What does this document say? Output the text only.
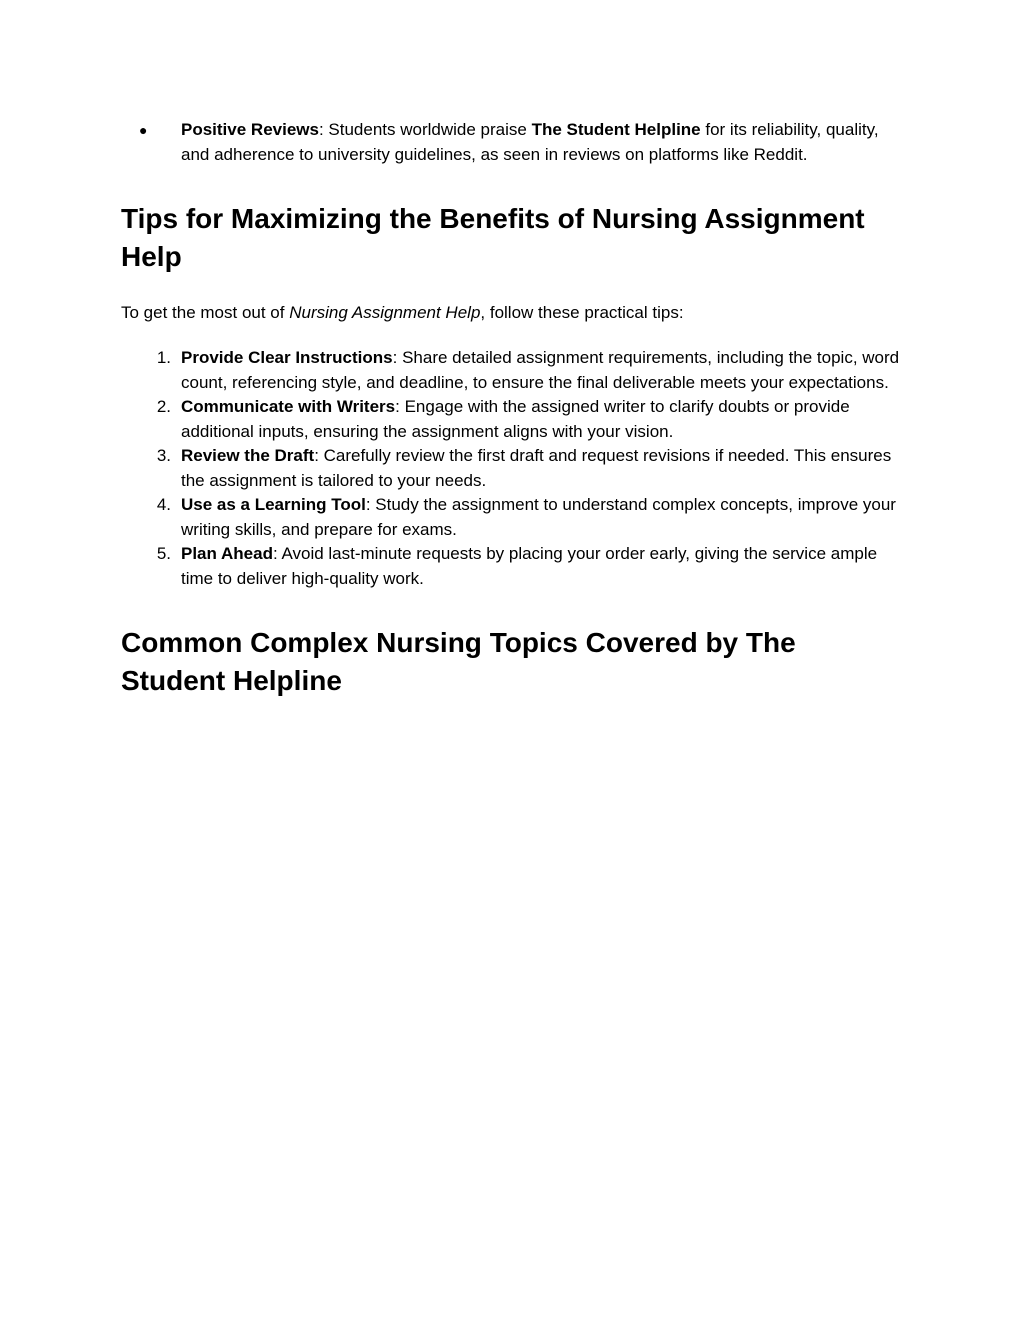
● Positive Reviews: Students worldwide praise The Student Helpline for its reliability, quality, and adherence to university guidelines, as seen in reviews on platforms like Reddit.
Tips for Maximizing the Benefits of Nursing Assignment Help

To get the most out of Nursing Assignment Help, follow these practical tips:

1. Provide Clear Instructions: Share detailed assignment requirements, including the topic, word count, referencing style, and deadline, to ensure the final deliverable meets your expectations.
2. Communicate with Writers: Engage with the assigned writer to clarify doubts or provide additional inputs, ensuring the assignment aligns with your vision.
3. Review the Draft: Carefully review the first draft and request revisions if needed. This ensures the assignment is tailored to your needs.
4. Use as a Learning Tool: Study the assignment to understand complex concepts, improve your writing skills, and prepare for exams.
5. Plan Ahead: Avoid last-minute requests by placing your order early, giving the service ample time to deliver high-quality work.
Common Complex Nursing Topics Covered by The Student Helpline
